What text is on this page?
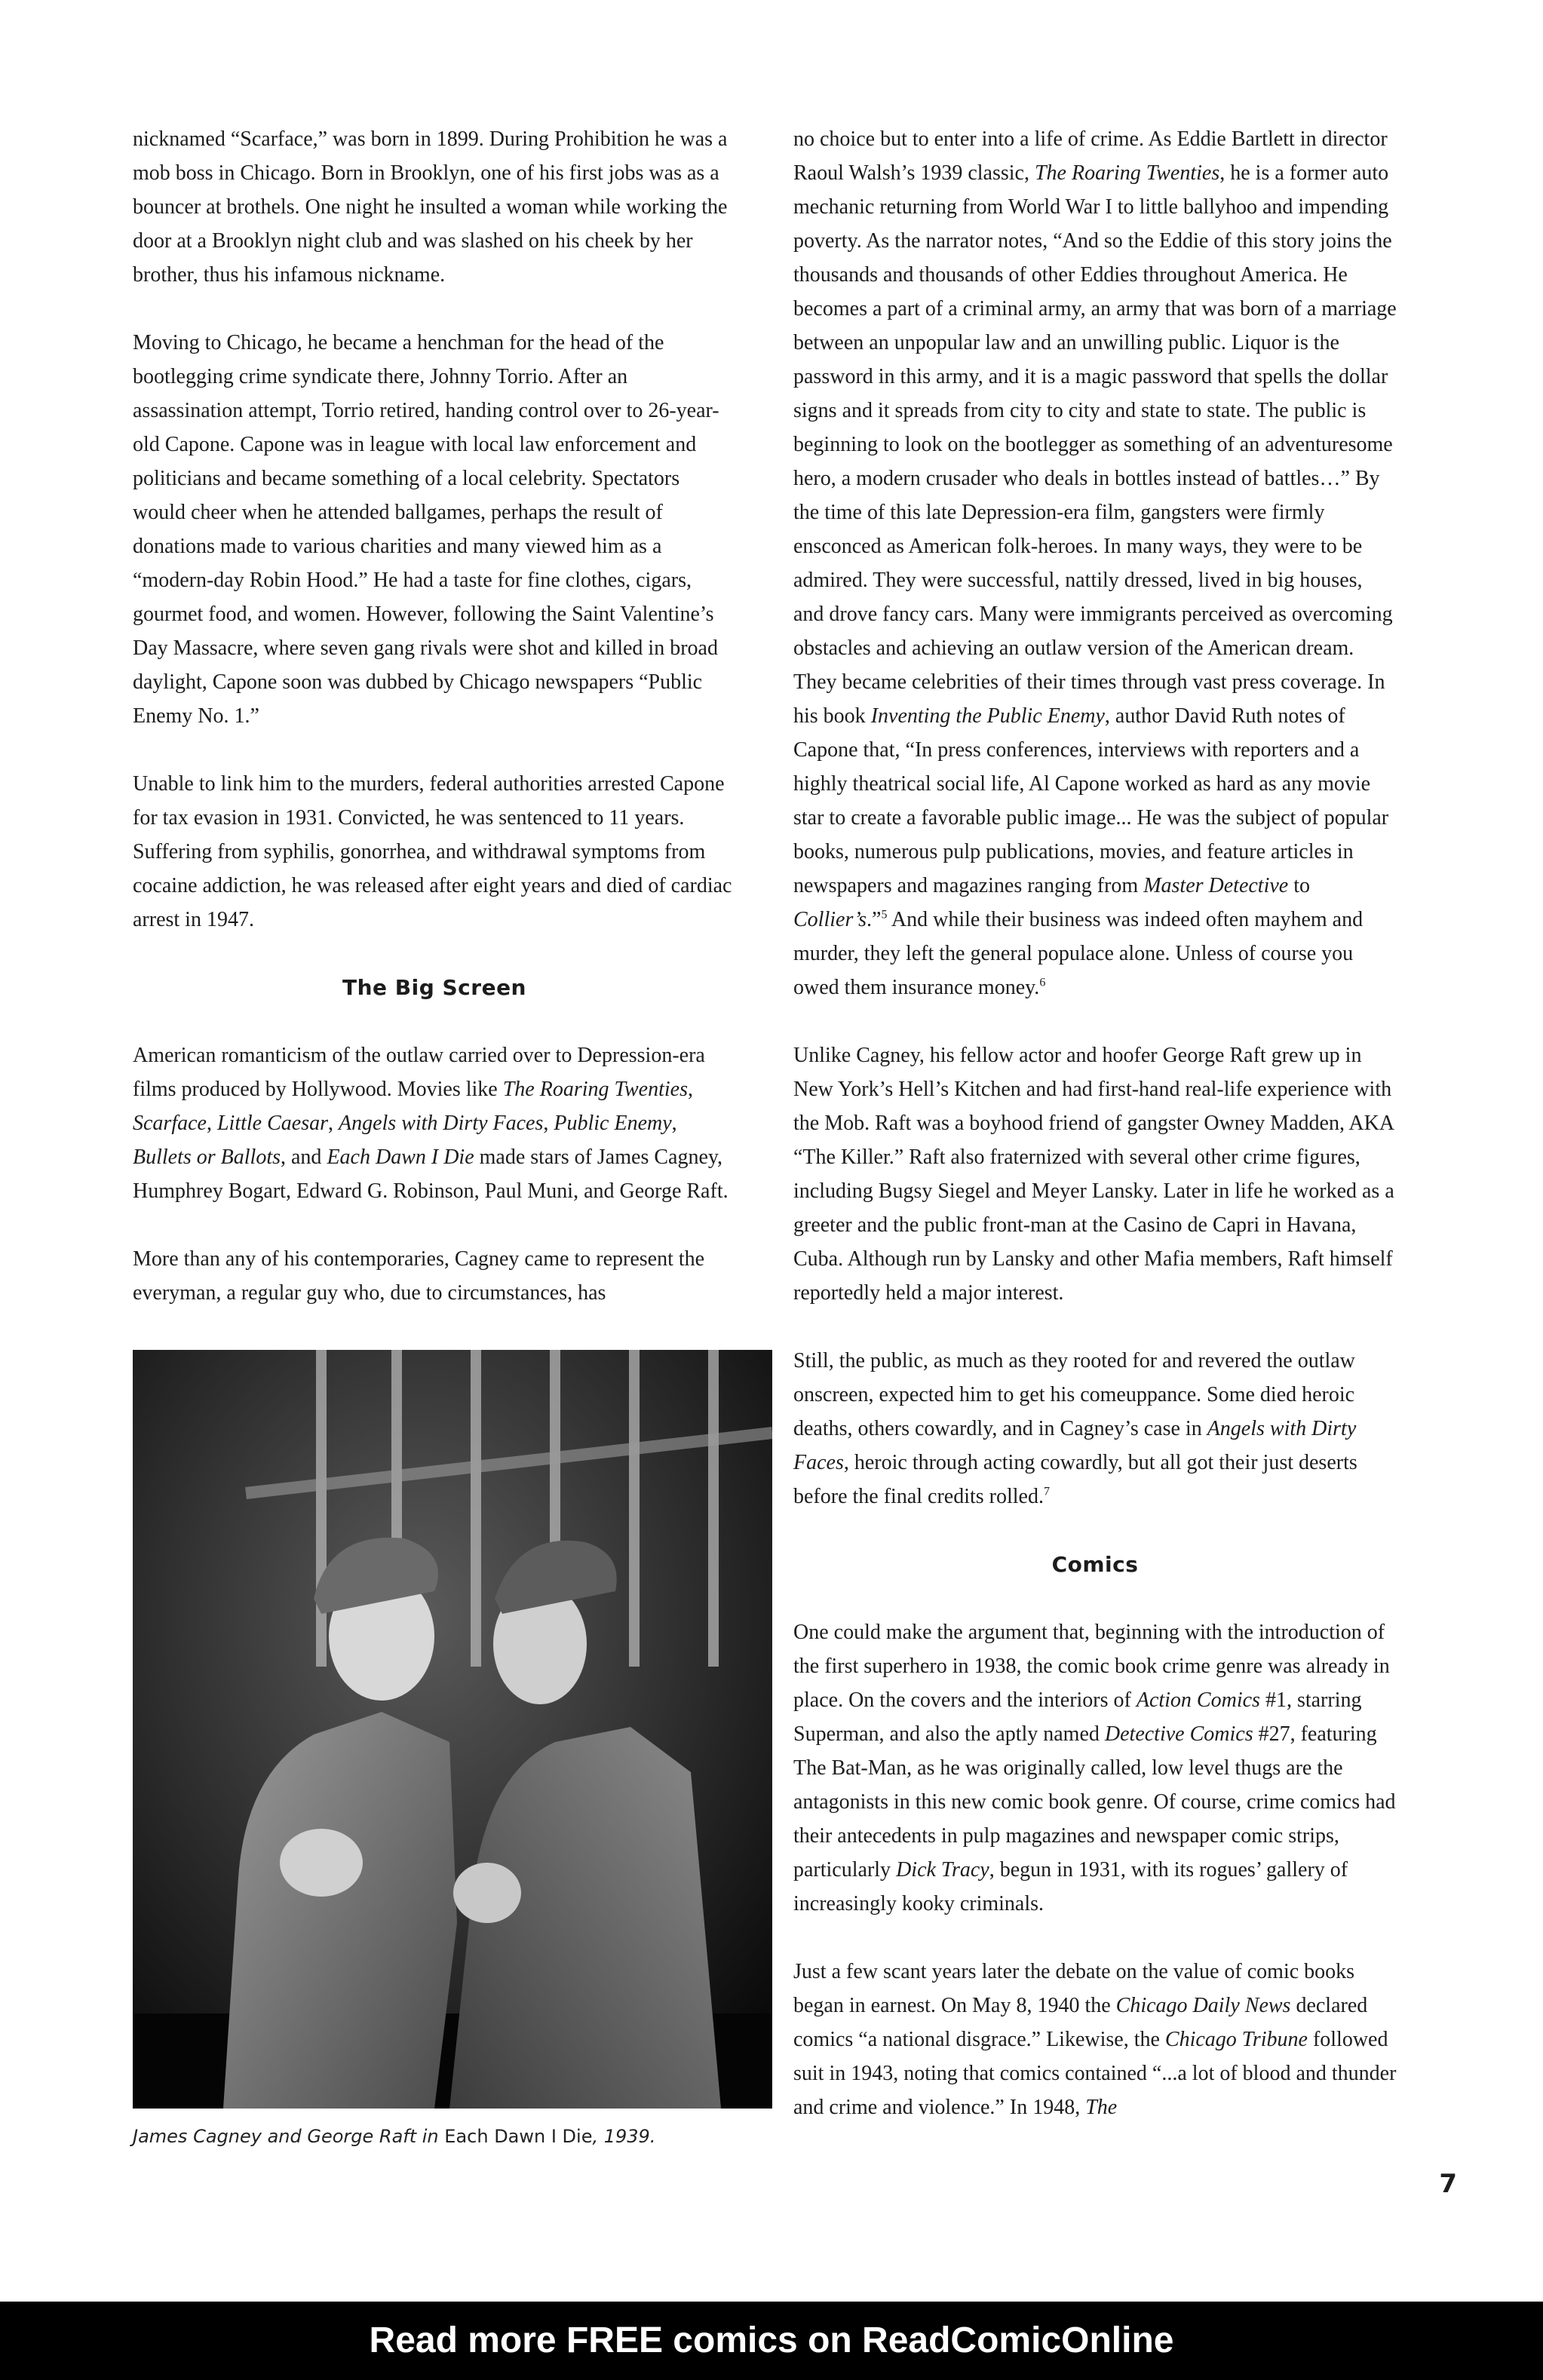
nicknamed “Scarface,” was born in 1899. During Prohibition he was a mob boss in Chicago. Born in Brooklyn, one of his first jobs was as a bouncer at brothels. One night he insulted a woman while working the door at a Brooklyn night club and was slashed on his cheek by her brother, thus his infamous nickname.

Moving to Chicago, he became a henchman for the head of the bootlegging crime syndicate there, Johnny Torrio. After an assassination attempt, Torrio retired, handing control over to 26-year-old Capone. Capone was in league with local law enforcement and politicians and became something of a local celebrity. Spectators would cheer when he attended ballgames, perhaps the result of donations made to various charities and many viewed him as a “modern-day Robin Hood.” He had a taste for fine clothes, cigars, gourmet food, and women. However, following the Saint Valentine’s Day Massacre, where seven gang rivals were shot and killed in broad daylight, Capone soon was dubbed by Chicago newspapers “Public Enemy No. 1.”

Unable to link him to the murders, federal authorities arrested Capone for tax evasion in 1931. Convicted, he was sentenced to 11 years. Suffering from syphilis, gonorrhea, and withdrawal symptoms from cocaine addiction, he was released after eight years and died of cardiac arrest in 1947.

The Big Screen

American romanticism of the outlaw carried over to Depression-era films produced by Hollywood. Movies like The Roaring Twenties, Scarface, Little Caesar, Angels with Dirty Faces, Public Enemy, Bullets or Ballots, and Each Dawn I Die made stars of James Cagney, Humphrey Bogart, Edward G. Robinson, Paul Muni, and George Raft.

More than any of his contemporaries, Cagney came to represent the everyman, a regular guy who, due to circumstances, has

James Cagney and George Raft in Each Dawn I Die, 1939.

no choice but to enter into a life of crime. As Eddie Bartlett in director Raoul Walsh’s 1939 classic, The Roaring Twenties, he is a former auto mechanic returning from World War I to little ballyhoo and impending poverty. As the narrator notes, “And so the Eddie of this story joins the thousands and thousands of other Eddies throughout America. He becomes a part of a criminal army, an army that was born of a marriage between an unpopular law and an unwilling public. Liquor is the password in this army, and it is a magic password that spells the dollar signs and it spreads from city to city and state to state. The public is beginning to look on the bootlegger as something of an adventuresome hero, a modern crusader who deals in bottles instead of battles…” By the time of this late Depression-era film, gangsters were firmly ensconced as American folk-heroes. In many ways, they were to be admired. They were successful, nattily dressed, lived in big houses, and drove fancy cars. Many were immigrants perceived as overcoming obstacles and achieving an outlaw version of the American dream. They became celebrities of their times through vast press coverage. In his book Inventing the Public Enemy, author David Ruth notes of Capone that, “In press conferences, interviews with reporters and a highly theatrical social life, Al Capone worked as hard as any movie star to create a favorable public image... He was the subject of popular books, numerous pulp publications, movies, and feature articles in newspapers and magazines ranging from Master Detective to Collier’s.”$^5$ And while their business was indeed often mayhem and murder, they left the general populace alone. Unless of course you owed them insurance money.$^6$

Unlike Cagney, his fellow actor and hoofer George Raft grew up in New York’s Hell’s Kitchen and had first-hand real-life experience with the Mob. Raft was a boyhood friend of gangster Owney Madden, AKA “The Killer.” Raft also fraternized with several other crime figures, including Bugsy Siegel and Meyer Lansky. Later in life he worked as a greeter and the public front-man at the Casino de Capri in Havana, Cuba. Although run by Lansky and other Mafia members, Raft himself reportedly held a major interest.

Still, the public, as much as they rooted for and revered the outlaw onscreen, expected him to get his comeuppance. Some died heroic deaths, others cowardly, and in Cagney’s case in Angels with Dirty Faces, heroic through acting cowardly, but all got their just deserts before the final credits rolled.$^7$

Comics

One could make the argument that, beginning with the introduction of the first superhero in 1938, the comic book crime genre was already in place. On the covers and the interiors of Action Comics #1, starring Superman, and also the aptly named Detective Comics #27, featuring The Bat-Man, as he was originally called, low level thugs are the antagonists in this new comic book genre. Of course, crime comics had their antecedents in pulp magazines and newspaper comic strips, particularly Dick Tracy, begun in 1931, with its rogues’ gallery of increasingly kooky criminals.

Just a few scant years later the debate on the value of comic books began in earnest. On May 8, 1940 the Chicago Daily News declared comics “a national disgrace.” Likewise, the Chicago Tribune followed suit in 1943, noting that comics contained “...a lot of blood and thunder and crime and violence.” In 1948, The

7
Read more FREE comics on ReadComicOnline
